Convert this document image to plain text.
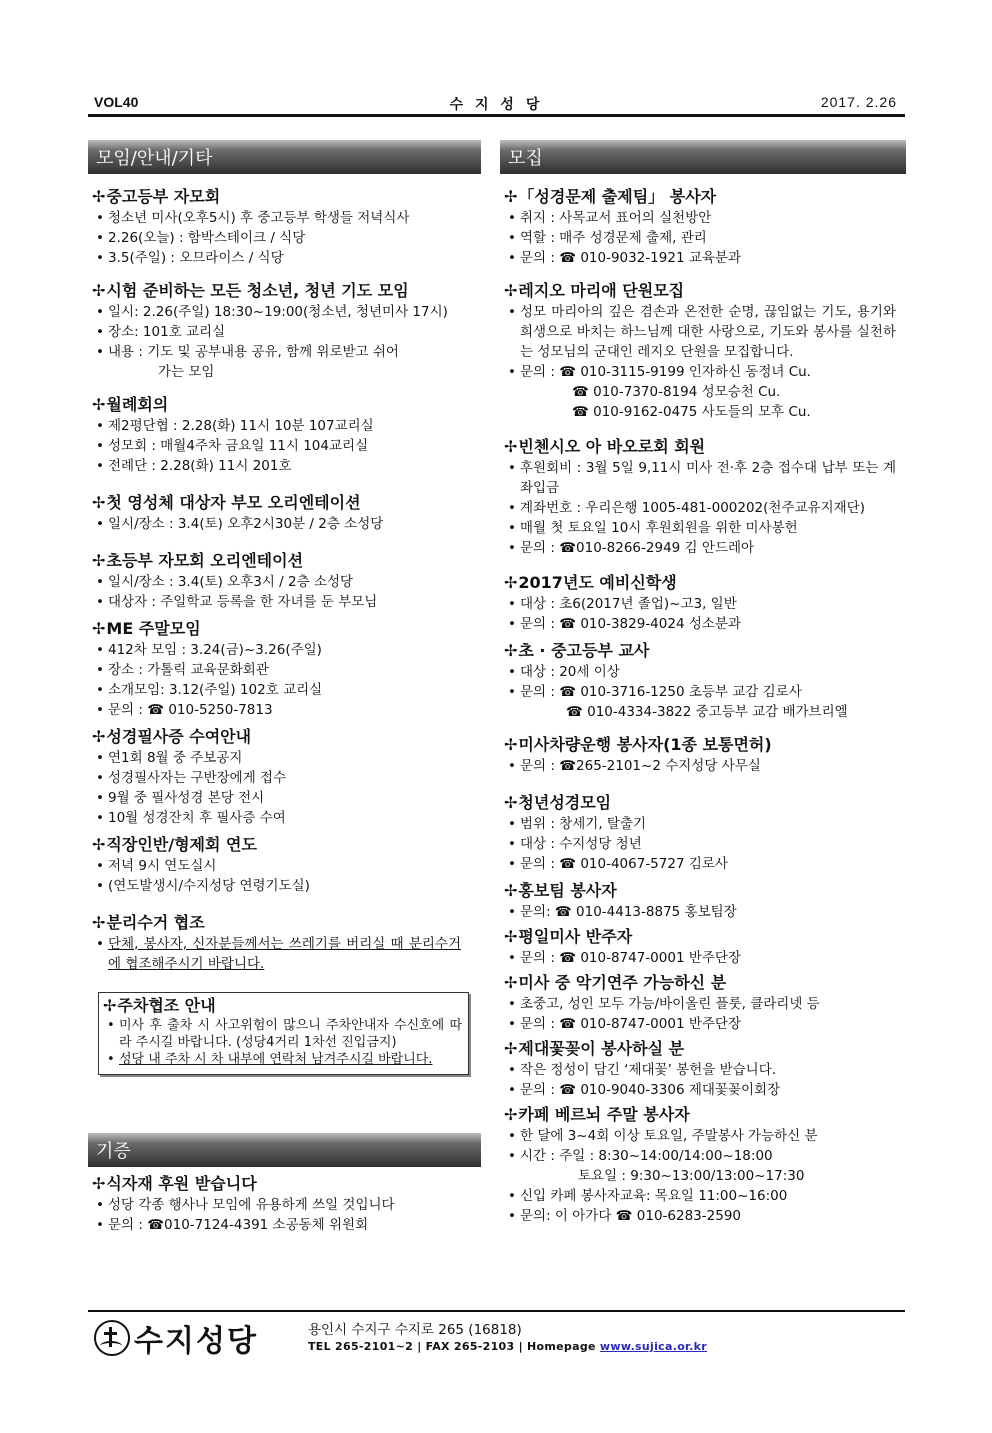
VOL40	수 지 성 당	2017. 2.26
모임/안내/기타
✢중고등부 자모회
• 청소년 미사(오후5시) 후 중고등부 학생들 저녁식사
• 2.26(오늘) : 함박스테이크 / 식당
• 3.5(주일) : 오므라이스 / 식당
✢시험 준비하는 모든 청소년, 청년 기도 모임
• 일시: 2.26(주일) 18:30~19:00(청소년, 청년미사 17시)
• 장소: 101호 교리실
• 내용 : 기도 및 공부내용 공유, 함께 위로받고 쉬어
가는 모임
✢월례회의
• 제2평단협 : 2.28(화) 11시 10분 107교리실
• 성모회 : 매월4주차 금요일 11시 104교리실
• 전례단 : 2.28(화) 11시 201호
✢첫 영성체 대상자 부모 오리엔테이션
• 일시/장소 : 3.4(토) 오후2시30분 / 2층 소성당
✢초등부 자모회 오리엔테이션
• 일시/장소 : 3.4(토) 오후3시 / 2층 소성당
• 대상자 : 주일학교 등록을 한 자녀를 둔 부모님
✢ME 주말모임
• 412차 모임 : 3.24(금)~3.26(주일)
• 장소 : 가톨릭 교육문화회관
• 소개모임: 3.12(주일) 102호 교리실
• 문의 : ☎ 010-5250-7813
✢성경필사증 수여안내
• 연1회 8월 중 주보공지
• 성경필사자는 구반장에게 접수
• 9월 중 필사성경 본당 전시
• 10월 성경잔치 후 필사증 수여
✢직장인반/형제회 연도
• 저녁 9시 연도실시
• (연도발생시/수지성당 연령기도실)
✢분리수거 협조
• 단체, 봉사자, 신자분들께서는 쓰레기를 버리실 때 분리수거에 협조해주시기 바랍니다.
✢주차협조 안내
• 미사 후 출차 시 사고위험이 많으니 주차안내자 수신호에 따라 주시길 바랍니다. (성당4거리 1차선 진입금지)
• 성당 내 주차 시 차 내부에 연락처 남겨주시길 바랍니다.
기증
✢식자재 후원 받습니다
• 성당 각종 행사나 모임에 유용하게 쓰일 것입니다
• 문의 : ☎010-7124-4391 소공동체 위원회
모집
✢「성경문제 출제팀」 봉사자
• 취지 : 사목교서 표어의 실천방안
• 역할 : 매주 성경문제 출제, 관리
• 문의 : ☎ 010-9032-1921 교육분과
✢레지오 마리애 단원모집
• 성모 마리아의 깊은 겸손과 온전한 순명, 끊임없는 기도, 용기와 희생으로 바치는 하느님께 대한 사랑으로, 기도와 봉사를 실천하는 성모님의 군대인 레지오 단원을 모집합니다.
• 문의 : ☎ 010-3115-9199 인자하신 동정녀 Cu.
☎ 010-7370-8194 성모승천 Cu.
☎ 010-9162-0475 사도들의 모후 Cu.
✢빈첸시오 아 바오로회 회원
• 후원회비 : 3월 5일 9,11시 미사 전·후 2층 접수대 납부 또는 계좌입금
• 계좌번호 : 우리은행 1005-481-000202(천주교유지재단)
• 매월 첫 토요일 10시 후원회원을 위한 미사봉헌
• 문의 : ☎010-8266-2949 김 안드레아
✢2017년도 예비신학생
• 대상 : 초6(2017년 졸업)~고3, 일반
• 문의 : ☎ 010-3829-4024 성소분과
✢초 · 중고등부 교사
• 대상 : 20세 이상
• 문의 : ☎ 010-3716-1250 초등부 교감 김로사
☎ 010-4334-3822 중고등부 교감 배가브리엘
✢미사차량운행 봉사자(1종 보통면허)
• 문의 : ☎265-2101~2 수지성당 사무실
✢청년성경모임
• 범위 : 창세기, 탈출기
• 대상 : 수지성당 청년
• 문의 : ☎ 010-4067-5727 김로사
✢홍보팀 봉사자
• 문의: ☎ 010-4413-8875 홍보팀장
✢평일미사 반주자
• 문의 : ☎ 010-8747-0001 반주단장
✢미사 중 악기연주 가능하신 분
• 초중고, 성인 모두 가능/바이올린 플룻, 클라리넷 등
• 문의 : ☎ 010-8747-0001 반주단장
✢제대꽃꽂이 봉사하실 분
• 작은 정성이 담긴 ‘제대꽃’ 봉헌을 받습니다.
• 문의 : ☎ 010-9040-3306 제대꽃꽂이회장
✢카페 베르뇌 주말 봉사자
• 한 달에 3~4회 이상 토요일, 주말봉사 가능하신 분
• 시간 : 주일 : 8:30~14:00/14:00~18:00
토요일 : 9:30~13:00/13:00~17:30
• 신입 카페 봉사자교육: 목요일 11:00~16:00
• 문의: 이 아가다 ☎ 010-6283-2590
수지성당	용인시 수지구 수지로 265 (16818)
TEL 265-2101~2 | FAX 265-2103 | Homepage www.sujica.or.kr
